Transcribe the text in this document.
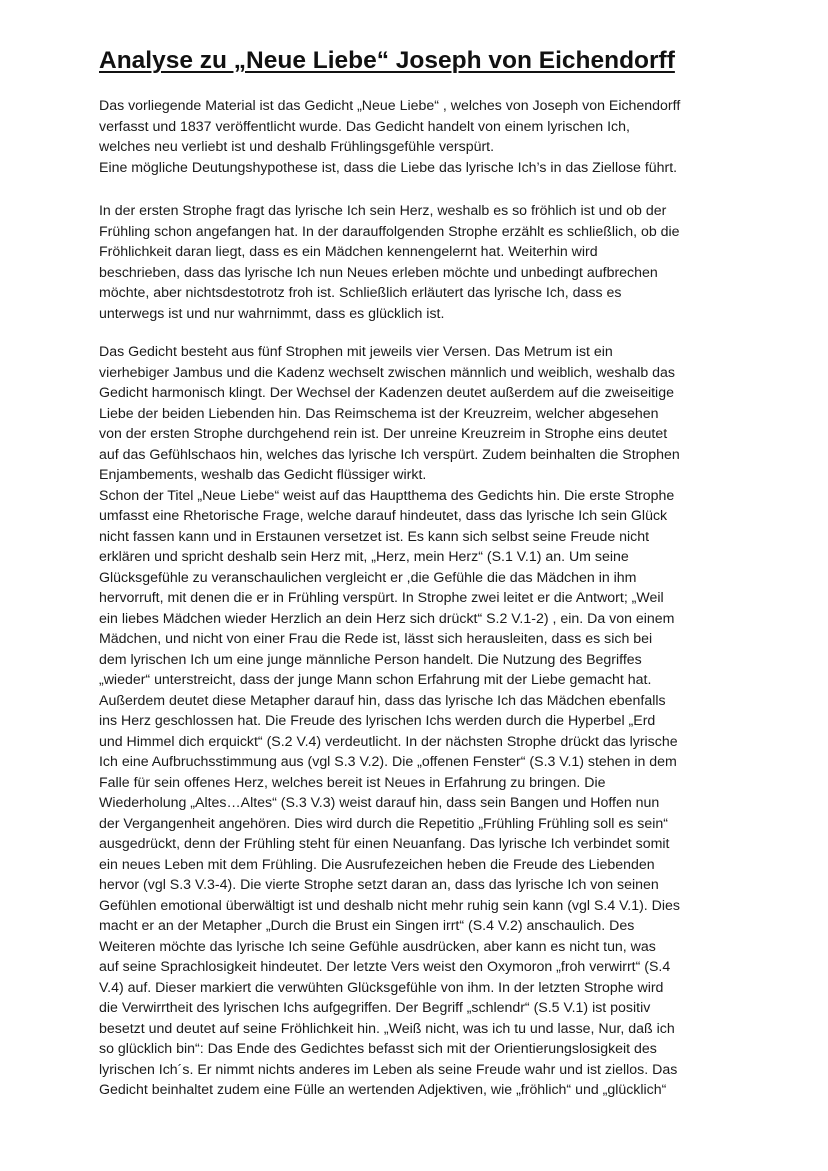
Analyse zu „Neue Liebe“ Joseph von Eichendorff
Das vorliegende Material ist das Gedicht „Neue Liebe“ , welches von Joseph von Eichendorff
verfasst und 1837 veröffentlicht wurde. Das Gedicht handelt von einem lyrischen Ich,
welches neu verliebt ist und deshalb Frühlingsgefühle verspürt.
Eine mögliche Deutungshypothese ist, dass die Liebe das lyrische Ich’s in das Ziellose führt.
In der ersten Strophe fragt das lyrische Ich sein Herz, weshalb es so fröhlich ist und ob der
Frühling schon angefangen hat. In der darauffolgenden Strophe erzählt es schließlich, ob die
Fröhlichkeit daran liegt, dass es ein Mädchen kennengelernt hat. Weiterhin wird
beschrieben, dass das lyrische Ich nun Neues erleben möchte und unbedingt aufbrechen
möchte, aber nichtsdestotrotz froh ist. Schließlich erläutert das lyrische Ich, dass es
unterwegs ist und nur wahrnimmt, dass es glücklich ist.
Das Gedicht besteht aus fünf Strophen mit jeweils vier Versen. Das Metrum ist ein
vierhebiger Jambus und die Kadenz wechselt zwischen männlich und weiblich, weshalb das
Gedicht harmonisch klingt. Der Wechsel der Kadenzen deutet außerdem auf die zweiseitige
Liebe der beiden Liebenden hin. Das Reimschema ist der Kreuzreim, welcher abgesehen
von der ersten Strophe durchgehend rein ist. Der unreine Kreuzreim in Strophe eins deutet
auf das Gefühlschaos hin, welches das lyrische Ich verspürt. Zudem beinhalten die Strophen
Enjambements, weshalb das Gedicht flüssiger wirkt.
Schon der Titel „Neue Liebe“ weist auf das Hauptthema des Gedichts hin. Die erste Strophe
umfasst eine Rhetorische Frage, welche darauf hindeutet, dass das lyrische Ich sein Glück
nicht fassen kann und in Erstaunen versetzet ist. Es kann sich selbst seine Freude nicht
erklären und spricht deshalb sein Herz mit, „Herz, mein Herz“ (S.1 V.1) an. Um seine
Glücksgefühle zu veranschaulichen vergleicht er ,die Gefühle die das Mädchen in ihm
hervorruft, mit denen die er in Frühling verspürt. In Strophe zwei leitet er die Antwort; „Weil
ein liebes Mädchen wieder Herzlich an dein Herz sich drückt“ S.2 V.1-2) , ein. Da von einem
Mädchen, und nicht von einer Frau die Rede ist, lässt sich herausleiten, dass es sich bei
dem lyrischen Ich um eine junge männliche Person handelt. Die Nutzung des Begriffes
„wieder“ unterstreicht, dass der junge Mann schon Erfahrung mit der Liebe gemacht hat.
Außerdem deutet diese Metapher darauf hin, dass das lyrische Ich das Mädchen ebenfalls
ins Herz geschlossen hat. Die Freude des lyrischen Ichs werden durch die Hyperbel „Erd
und Himmel dich erquickt“ (S.2 V.4) verdeutlicht. In der nächsten Strophe drückt das lyrische
Ich eine Aufbruchsstimmung aus (vgl S.3 V.2). Die „offenen Fenster“ (S.3 V.1) stehen in dem
Falle für sein offenes Herz, welches bereit ist Neues in Erfahrung zu bringen. Die
Wiederholung „Altes…Altes“ (S.3 V.3) weist darauf hin, dass sein Bangen und Hoffen nun
der Vergangenheit angehören. Dies wird durch die Repetitio „Frühling Frühling soll es sein“
ausgedrückt, denn der Frühling steht für einen Neuanfang. Das lyrische Ich verbindet somit
ein neues Leben mit dem Frühling. Die Ausrufezeichen heben die Freude des Liebenden
hervor (vgl S.3 V.3-4). Die vierte Strophe setzt daran an, dass das lyrische Ich von seinen
Gefühlen emotional überwältigt ist und deshalb nicht mehr ruhig sein kann (vgl S.4 V.1). Dies
macht er an der Metapher „Durch die Brust ein Singen irrt“ (S.4 V.2) anschaulich. Des
Weiteren möchte das lyrische Ich seine Gefühle ausdrücken, aber kann es nicht tun, was
auf seine Sprachlosigkeit hindeutet. Der letzte Vers weist den Oxymoron „froh verwirrt“ (S.4
V.4) auf. Dieser markiert die verwühten Glücksgefühle von ihm. In der letzten Strophe wird
die Verwirrtheit des lyrischen Ichs aufgegriffen. Der Begriff „schlendr“ (S.5 V.1) ist positiv
besetzt und deutet auf seine Fröhlichkeit hin. „Weiß nicht, was ich tu und lasse, Nur, daß ich
so glücklich bin“: Das Ende des Gedichtes befasst sich mit der Orientierungslosigkeit des
lyrischen Ich´s. Er nimmt nichts anderes im Leben als seine Freude wahr und ist ziellos. Das
Gedicht beinhaltet zudem eine Fülle an wertenden Adjektiven, wie „fröhlich“ und „glücklich“
